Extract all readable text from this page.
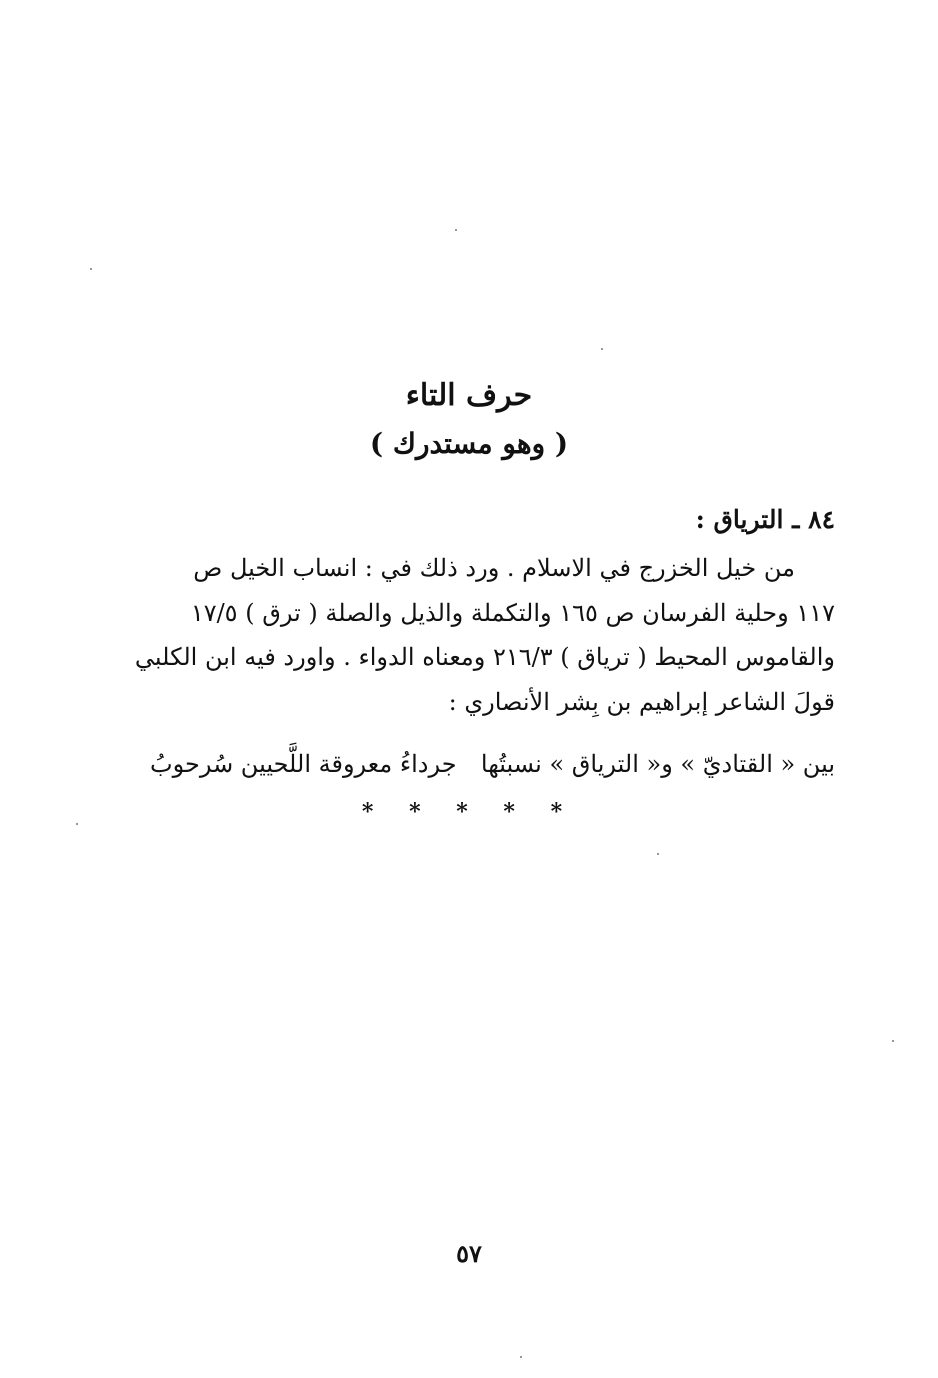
حرف التاء
( وهو مستدرك )
٨٤ ـ الترياق :
من خيل الخزرج في الاسلام . ورد ذلك في : انساب الخيل ص
١١٧ وحلية الفرسان ص ١٦٥ والتكملة والذيل والصلة ( ترق ) ١٧/٥
والقاموس المحيط ( ترياق ) ٢١٦/٣ ومعناه الدواء . واورد فيه ابن الكلبي
قولَ الشاعر إبراهيم بن بِشر الأنصاري :
بين « القتاديّ » و« الترياق » نسبتُها
جرداءُ معروقة اللَّحيين سُرحوبُ
* * * * *
٥٧
